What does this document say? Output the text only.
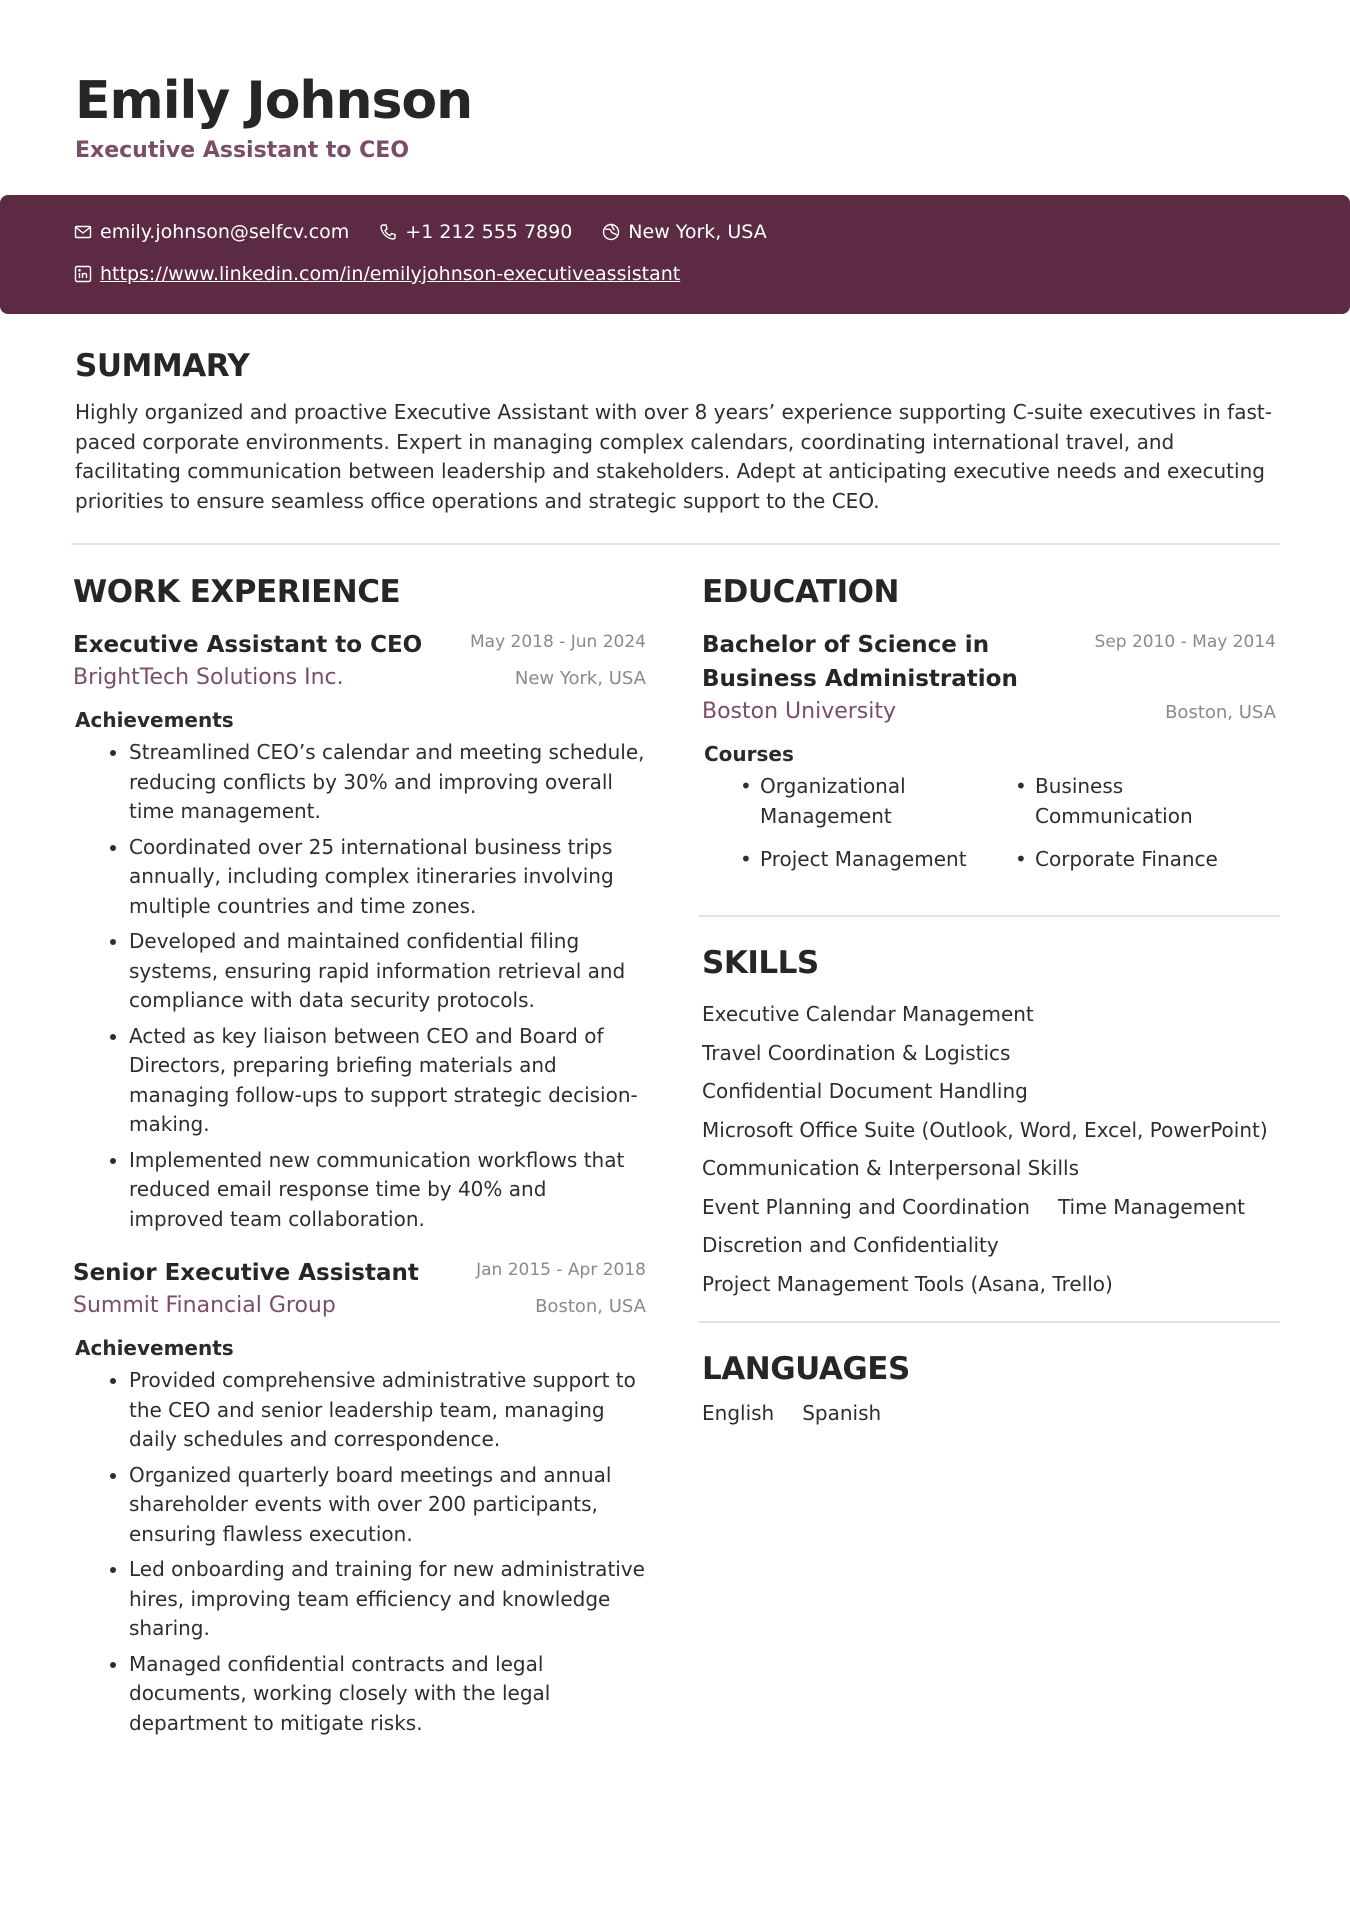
Emily Johnson
Executive Assistant to CEO
emily.johnson@selfcv.com	+1 212 555 7890	New York, USA
https://www.linkedin.com/in/emilyjohnson-executiveassistant
SUMMARY

Highly organized and proactive Executive Assistant with over 8 years’ experience supporting C-suite executives in fast-paced corporate environments. Expert in managing complex calendars, coordinating international travel, and facilitating communication between leadership and stakeholders. Adept at anticipating executive needs and executing priorities to ensure seamless office operations and strategic support to the CEO.

WORK EXPERIENCE
Executive Assistant to CEO	May 2018 - Jun 2024
BrightTech Solutions Inc.	New York, USA
Achievements
• Streamlined CEO’s calendar and meeting schedule, reducing conflicts by 30% and improving overall time management.
• Coordinated over 25 international business trips annually, including complex itineraries involving multiple countries and time zones.
• Developed and maintained confidential filing systems, ensuring rapid information retrieval and compliance with data security protocols.
• Acted as key liaison between CEO and Board of Directors, preparing briefing materials and managing follow-ups to support strategic decision-making.
• Implemented new communication workflows that reduced email response time by 40% and improved team collaboration.
Senior Executive Assistant	Jan 2015 - Apr 2018
Summit Financial Group	Boston, USA
Achievements
• Provided comprehensive administrative support to the CEO and senior leadership team, managing daily schedules and correspondence.
• Organized quarterly board meetings and annual shareholder events with over 200 participants, ensuring flawless execution.
• Led onboarding and training for new administrative hires, improving team efficiency and knowledge sharing.
• Managed confidential contracts and legal documents, working closely with the legal department to mitigate risks.
EDUCATION
Bachelor of Science in Business Administration
Sep 2010 - May 2014
Boston University	Boston, USA
Courses
• Organizational Management
• Business Communication
• Project Management
•	Corporate Finance
SKILLS
Executive Calendar Management
Travel Coordination & Logistics
Confidential Document Handling
Microsoft Office Suite (Outlook, Word, Excel, PowerPoint)
Communication & Interpersonal Skills
Event Planning and Coordination Time Management
Discretion and Confidentiality
Project Management Tools (Asana, Trello)
LANGUAGES
English Spanish
